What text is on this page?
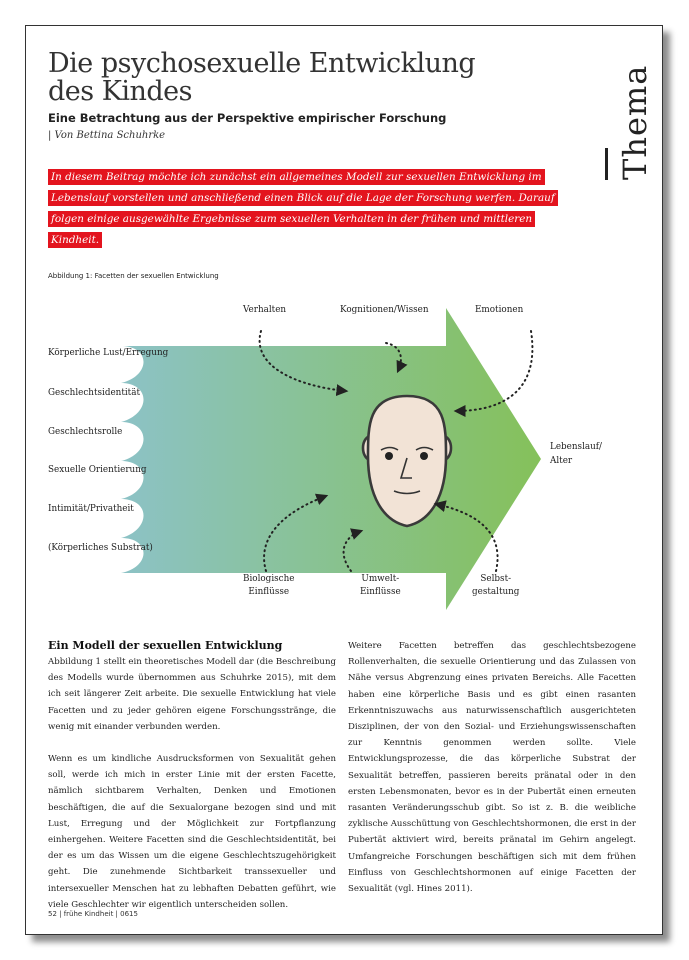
Die psychosexuelle Entwicklung
des Kindes
Eine Betrachtung aus der Perspektive empirischer Forschung
| Von Bettina Schuhrke	Thema

In diesem Beitrag möchte ich zunächst ein allgemeines Modell zur sexuellen Entwicklung im Lebenslauf vorstellen und anschließend einen Blick auf die Lage der Forschung werfen. Darauf folgen einige ausgewählte Ergebnisse zum sexuellen Verhalten in der frühen und mittleren Kindheit.

Abbildung 1: Facetten der sexuellen Entwicklung
Körperliche Lust/Erregung
Geschlechtsidentität
Geschlechtsrolle
Sexuelle Orientierung
Intimität/Privatheit
(Körperliches Substrat)
Verhalten	Kognitionen/Wissen	Emotionen
Biologische
Einflüsse
Umwelt-
Einflüsse
Selbst-
gestaltung
Lebenslauf/
Alter
Ein Modell der sexuellen Entwicklung

Abbildung 1 stellt ein theoretisches Modell dar (die Beschreibung des Modells wurde übernommen aus Schuhrke 2015), mit dem ich seit längerer Zeit arbeite. Die sexuelle Entwicklung hat viele Facetten und zu jeder gehören eigene Forschungsstränge, die wenig mit einander verbunden werden.

Wenn es um kindliche Ausdrucksformen von Sexualität gehen soll, werde ich mich in erster Linie mit der ersten Facette, nämlich sichtbarem Verhalten, Denken und Emotionen beschäftigen, die auf die Sexualorgane bezogen sind und mit Lust, Erregung und der Möglichkeit zur Fortpflanzung einhergehen. Weitere Facetten sind die Geschlechtsidentität, bei der es um das Wissen um die eigene Geschlechtszugehörigkeit geht. Die zunehmende Sichtbarkeit transsexueller und intersexueller Menschen hat zu lebhaften Debatten geführt, wie viele Geschlechter wir eigentlich unterscheiden sollen.

Weitere Facetten betreffen das geschlechtsbezogene Rollenverhalten, die sexuelle Orientierung und das Zulassen von Nähe versus Abgrenzung eines privaten Bereichs. Alle Facetten haben eine körperliche Basis und es gibt einen rasanten Erkenntniszuwachs aus naturwissenschaftlich ausgerichteten Disziplinen, der von den Sozial- und Erziehungswissenschaften zur Kenntnis genommen werden sollte. Viele Entwicklungsprozesse, die das körperliche Substrat der Sexualität betreffen, passieren bereits pränatal oder in den ersten Lebensmonaten, bevor es in der Pubertät einen erneuten rasanten Veränderungsschub gibt. So ist z. B. die weibliche zyklische Ausschüttung von Geschlechtshormonen, die erst in der Pubertät aktiviert wird, bereits pränatal im Gehirn angelegt. Umfangreiche Forschungen beschäftigen sich mit dem frühen Einfluss von Geschlechtshormonen auf einige Facetten der Sexualität (vgl. Hines 2011).

52 | frühe Kindheit | 0615
